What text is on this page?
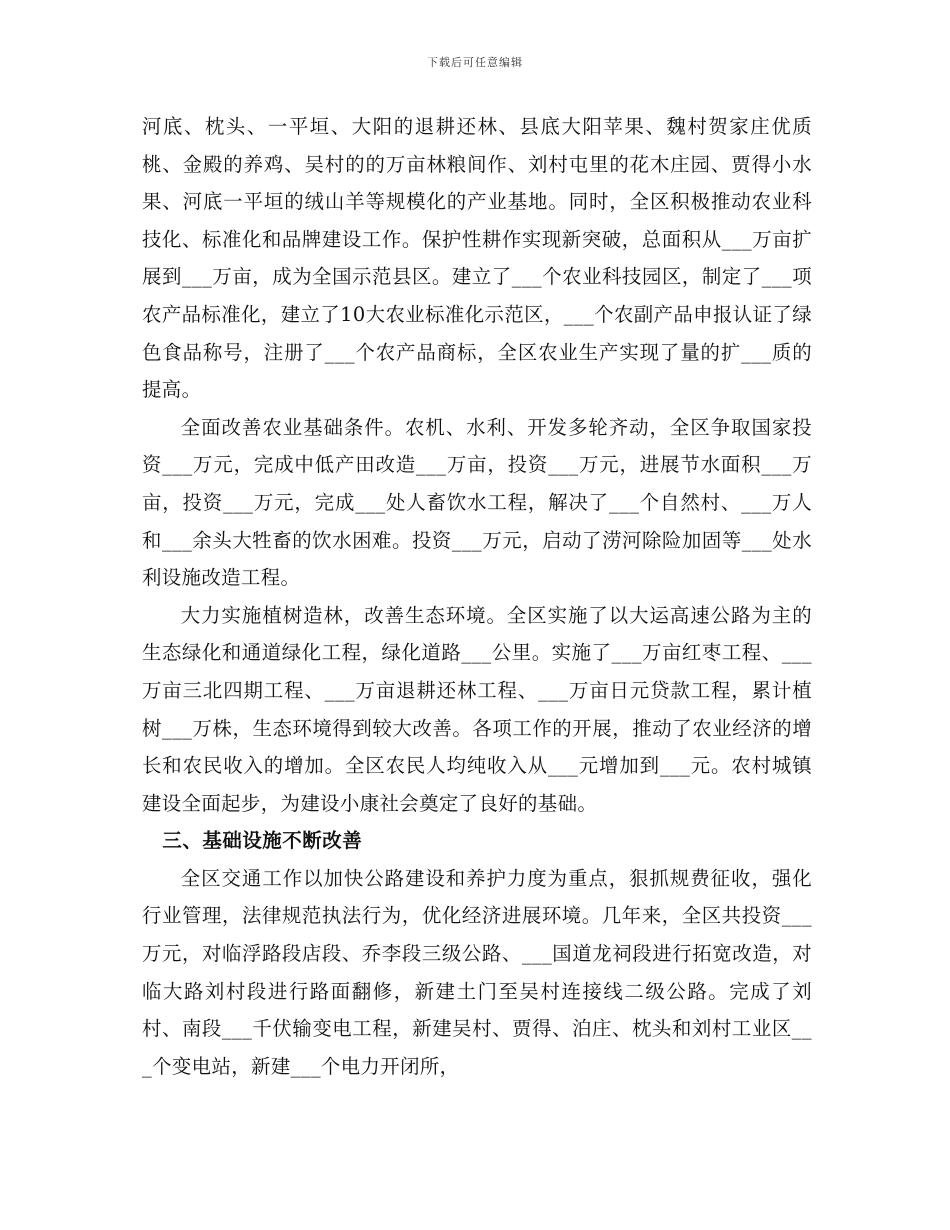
下载后可任意编辑

河底、枕头、一平垣、大阳的退耕还林、县底大阳苹果、魏村贺家庄优质桃、金殿的养鸡、吴村的的万亩林粮间作、刘村屯里的花木庄园、贾得小水果、河底一平垣的绒山羊等规模化的产业基地。同时，全区积极推动农业科技化、标准化和品牌建设工作。保护性耕作实现新突破，总面积从___万亩扩展到___万亩，成为全国示范县区。建立了___个农业科技园区，制定了___项农产品标准化，建立了10大农业标准化示范区，___个农副产品申报认证了绿色食品称号，注册了___个农产品商标，全区农业生产实现了量的扩___质的提高。

全面改善农业基础条件。农机、水利、开发多轮齐动，全区争取国家投资___万元，完成中低产田改造___万亩，投资___万元，进展节水面积___万亩，投资___万元，完成___处人畜饮水工程，解决了___个自然村、___万人和___余头大牲畜的饮水困难。投资___万元，启动了涝河除险加固等___处水利设施改造工程。

大力实施植树造林，改善生态环境。全区实施了以大运高速公路为主的生态绿化和通道绿化工程，绿化道路___公里。实施了___万亩红枣工程、___万亩三北四期工程、___万亩退耕还林工程、___万亩日元贷款工程，累计植树___万株，生态环境得到较大改善。各项工作的开展，推动了农业经济的增长和农民收入的增加。全区农民人均纯收入从___元增加到___元。农村城镇建设全面起步，为建设小康社会奠定了良好的基础。

三、基础设施不断改善

全区交通工作以加快公路建设和养护力度为重点，狠抓规费征收，强化行业管理，法律规范执法行为，优化经济进展环境。几年来，全区共投资___万元，对临浮路段店段、乔李段三级公路、___国道龙祠段进行拓宽改造，对临大路刘村段进行路面翻修，新建土门至吴村连接线二级公路。完成了刘村、南段___千伏输变电工程，新建吴村、贾得、泊庄、枕头和刘村工业区___个变电站，新建___个电力开闭所，
